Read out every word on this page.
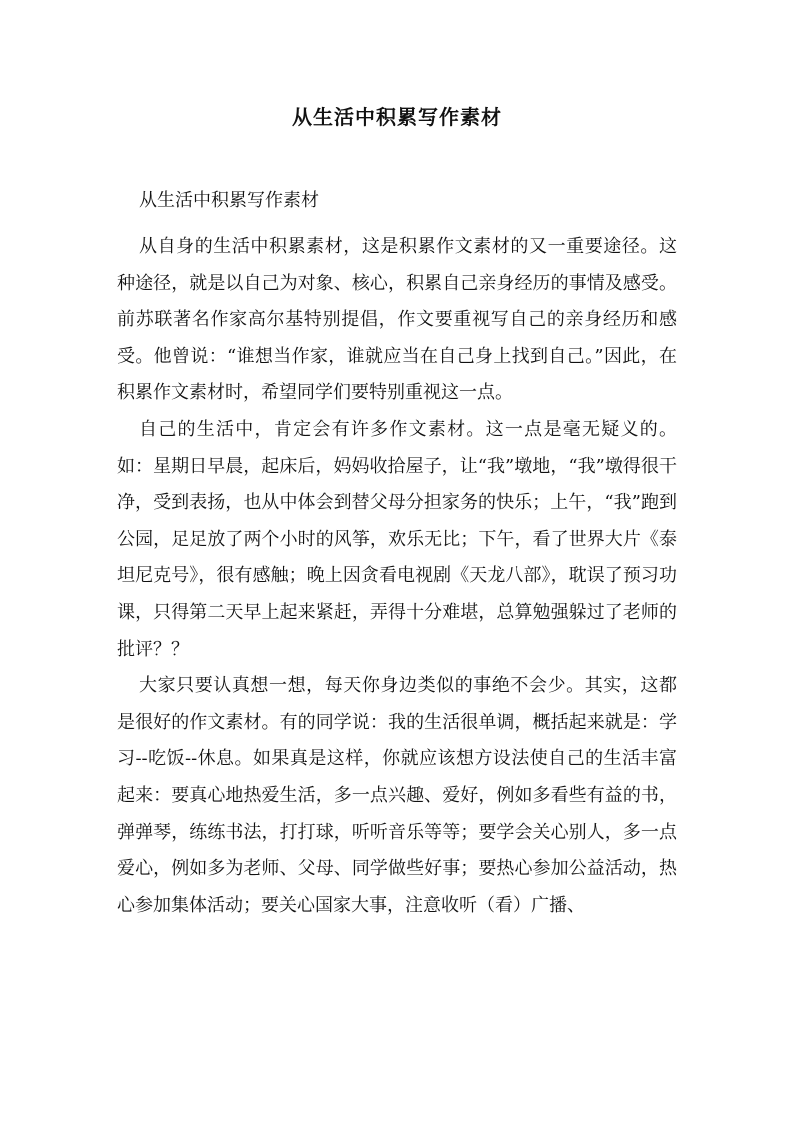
从生活中积累写作素材

从生活中积累写作素材

从自身的生活中积累素材，这是积累作文素材的又一重要途径。这种途径，就是以自己为对象、核心，积累自己亲身经历的事情及感受。前苏联著名作家高尔基特别提倡，作文要重视写自己的亲身经历和感受。他曾说：“谁想当作家，谁就应当在自己身上找到自己。”因此，在积累作文素材时，希望同学们要特别重视这一点。

自己的生活中，肯定会有许多作文素材。这一点是毫无疑义的。如：星期日早晨，起床后，妈妈收拾屋子，让“我”墩地，“我”墩得很干净，受到表扬，也从中体会到替父母分担家务的快乐；上午，“我”跑到公园，足足放了两个小时的风筝，欢乐无比；下午，看了世界大片《泰坦尼克号》，很有感触；晚上因贪看电视剧《天龙八部》，耽误了预习功课，只得第二天早上起来紧赶，弄得十分难堪，总算勉强躲过了老师的批评？？

大家只要认真想一想，每天你身边类似的事绝不会少。其实，这都是很好的作文素材。有的同学说：我的生活很单调，概括起来就是：学习--吃饭--休息。如果真是这样，你就应该想方设法使自己的生活丰富起来：要真心地热爱生活，多一点兴趣、爱好，例如多看些有益的书，弹弹琴，练练书法，打打球，听听音乐等等；要学会关心别人，多一点爱心，例如多为老师、父母、同学做些好事；要热心参加公益活动，热心参加集体活动；要关心国家大事，注意收听（看）广播、
